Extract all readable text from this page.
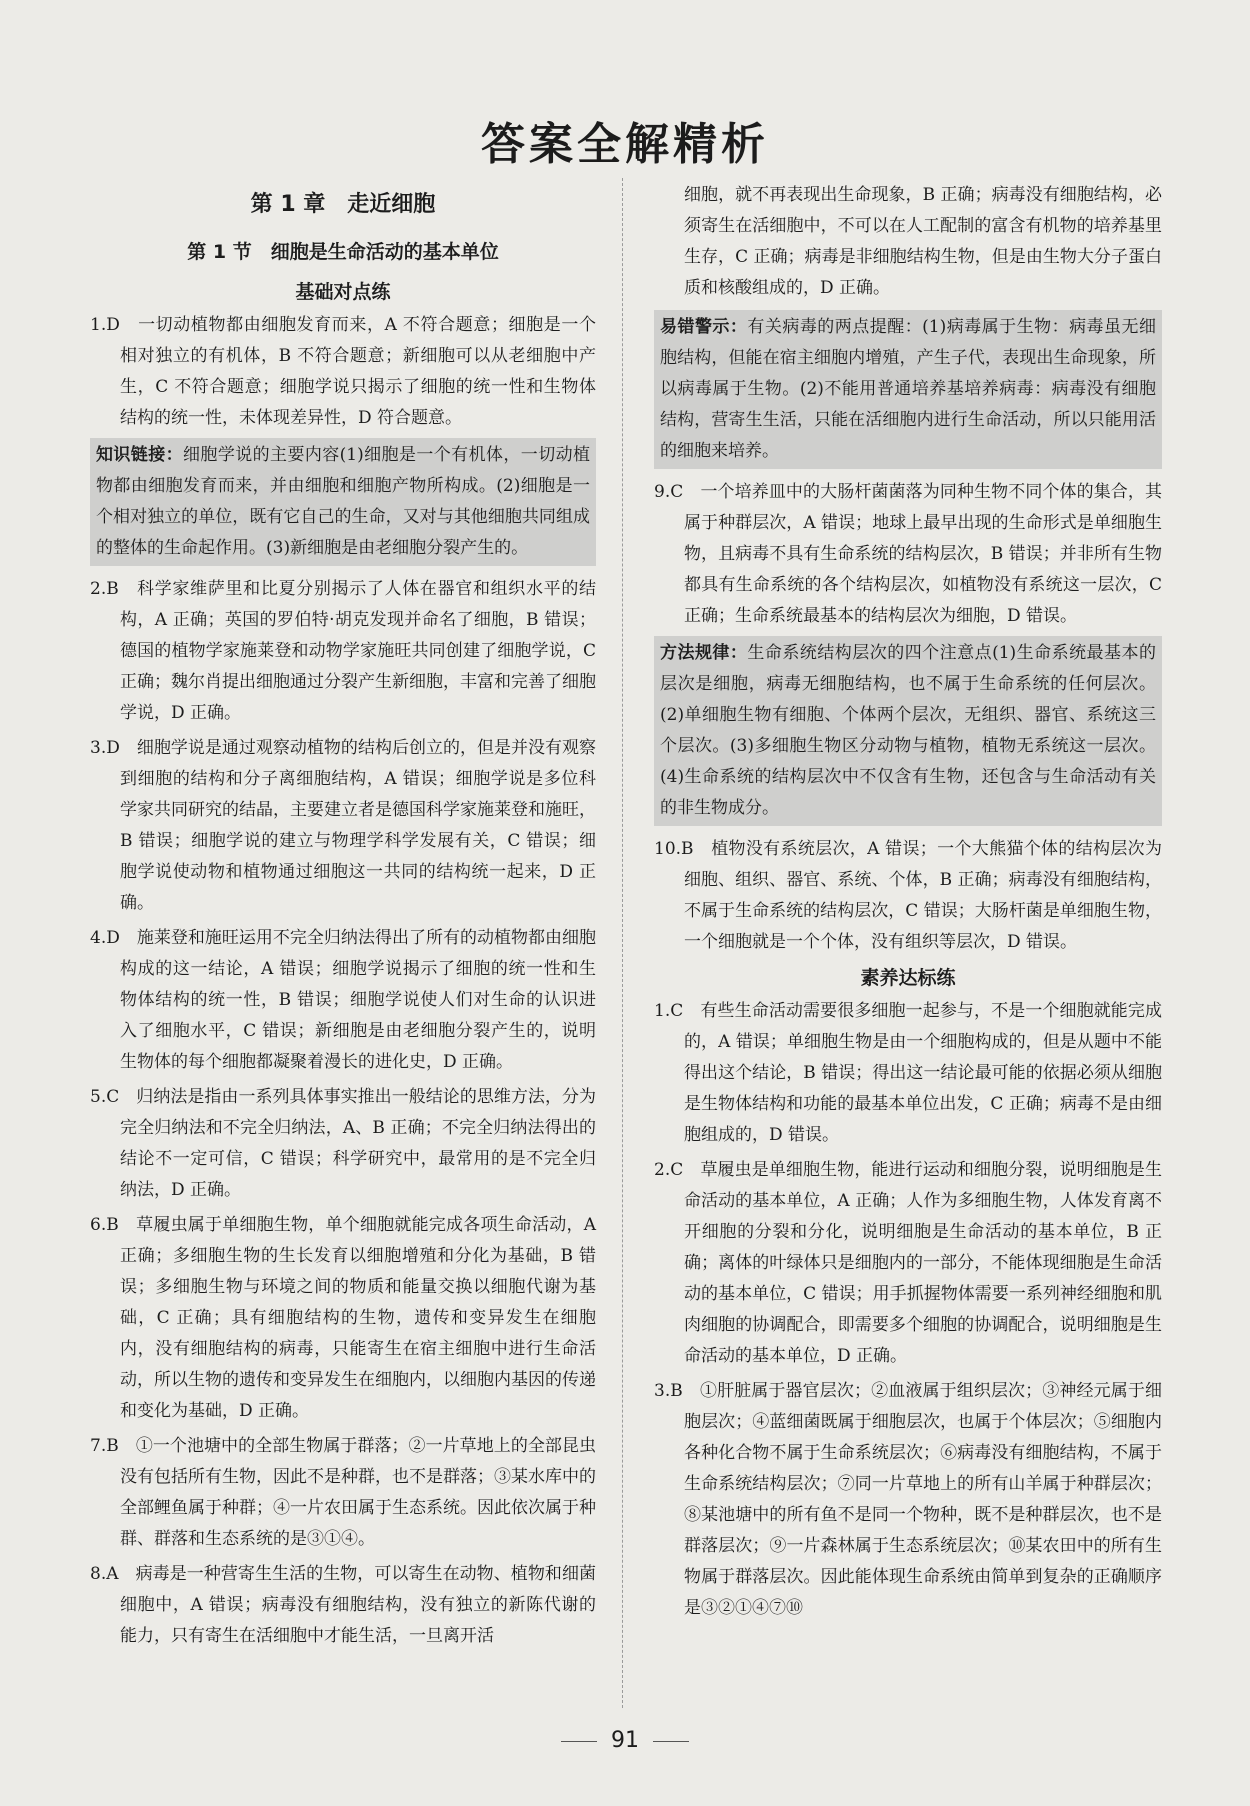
答案全解精析
第 1 章　走近细胞
第 1 节　细胞是生命活动的基本单位
基础对点练
1.D　 一切动植物都由细胞发育而来，A 不符合题意；细胞是一个相对独立的有机体，B 不符合题意；新细胞可以从老细胞中产生，C 不符合题意；细胞学说只揭示了细胞的统一性和生物体结构的统一性，未体现差异性，D 符合题意。
知识链接：细胞学说的主要内容(1)细胞是一个有机体，一切动植物都由细胞发育而来，并由细胞和细胞产物所构成。(2)细胞是一个相对独立的单位，既有它自己的生命，又对与其他细胞共同组成的整体的生命起作用。(3)新细胞是由老细胞分裂产生的。
2.B　 科学家维萨里和比夏分别揭示了人体在器官和组织水平的结构，A 正确；英国的罗伯特·胡克发现并命名了细胞，B 错误；德国的植物学家施莱登和动物学家施旺共同创建了细胞学说，C 正确；魏尔肖提出细胞通过分裂产生新细胞，丰富和完善了细胞学说，D 正确。
3.D　 细胞学说是通过观察动植物的结构后创立的，但是并没有观察到细胞的结构和分子离细胞结构，A 错误；细胞学说是多位科学家共同研究的结晶，主要建立者是德国科学家施莱登和施旺，B 错误；细胞学说的建立与物理学科学发展有关，C 错误；细胞学说使动物和植物通过细胞这一共同的结构统一起来，D 正确。
4.D　 施莱登和施旺运用不完全归纳法得出了所有的动植物都由细胞构成的这一结论，A 错误；细胞学说揭示了细胞的统一性和生物体结构的统一性，B 错误；细胞学说使人们对生命的认识进入了细胞水平，C 错误；新细胞是由老细胞分裂产生的，说明生物体的每个细胞都凝聚着漫长的进化史，D 正确。
5.C　 归纳法是指由一系列具体事实推出一般结论的思维方法，分为完全归纳法和不完全归纳法，A、B 正确；不完全归纳法得出的结论不一定可信，C 错误；科学研究中，最常用的是不完全归纳法，D 正确。
6.B　 草履虫属于单细胞生物，单个细胞就能完成各项生命活动，A 正确；多细胞生物的生长发育以细胞增殖和分化为基础，B 错误；多细胞生物与环境之间的物质和能量交换以细胞代谢为基础，C 正确；具有细胞结构的生物，遗传和变异发生在细胞内，没有细胞结构的病毒，只能寄生在宿主细胞中进行生命活动，所以生物的遗传和变异发生在细胞内，以细胞内基因的传递和变化为基础，D 正确。
7.B　 ①一个池塘中的全部生物属于群落；②一片草地上的全部昆虫没有包括所有生物，因此不是种群，也不是群落；③某水库中的全部鲤鱼属于种群；④一片农田属于生态系统。因此依次属于种群、群落和生态系统的是③①④。
8.A　 病毒是一种营寄生生活的生物，可以寄生在动物、植物和细菌细胞中，A 错误；病毒没有细胞结构，没有独立的新陈代谢的能力，只有寄生在活细胞中才能生活，一旦离开活
细胞，就不再表现出生命现象，B 正确；病毒没有细胞结构，必须寄生在活细胞中，不可以在人工配制的富含有机物的培养基里生存，C 正确；病毒是非细胞结构生物，但是由生物大分子蛋白质和核酸组成的，D 正确。
易错警示：有关病毒的两点提醒：(1)病毒属于生物：病毒虽无细胞结构，但能在宿主细胞内增殖，产生子代，表现出生命现象，所以病毒属于生物。(2)不能用普通培养基培养病毒：病毒没有细胞结构，营寄生生活，只能在活细胞内进行生命活动，所以只能用活的细胞来培养。
9.C　 一个培养皿中的大肠杆菌菌落为同种生物不同个体的集合，其属于种群层次，A 错误；地球上最早出现的生命形式是单细胞生物，且病毒不具有生命系统的结构层次，B 错误；并非所有生物都具有生命系统的各个结构层次，如植物没有系统这一层次，C 正确；生命系统最基本的结构层次为细胞，D 错误。
方法规律：生命系统结构层次的四个注意点(1)生命系统最基本的层次是细胞，病毒无细胞结构，也不属于生命系统的任何层次。(2)单细胞生物有细胞、个体两个层次，无组织、器官、系统这三个层次。(3)多细胞生物区分动物与植物，植物无系统这一层次。(4)生命系统的结构层次中不仅含有生物，还包含与生命活动有关的非生物成分。
10.B　 植物没有系统层次，A 错误；一个大熊猫个体的结构层次为细胞、组织、器官、系统、个体，B 正确；病毒没有细胞结构，不属于生命系统的结构层次，C 错误；大肠杆菌是单细胞生物，一个细胞就是一个个体，没有组织等层次，D 错误。
素养达标练
1.C　 有些生命活动需要很多细胞一起参与，不是一个细胞就能完成的，A 错误；单细胞生物是由一个细胞构成的，但是从题中不能得出这个结论，B 错误；得出这一结论最可能的依据必须从细胞是生物体结构和功能的最基本单位出发，C 正确；病毒不是由细胞组成的，D 错误。
2.C　 草履虫是单细胞生物，能进行运动和细胞分裂，说明细胞是生命活动的基本单位，A 正确；人作为多细胞生物，人体发育离不开细胞的分裂和分化，说明细胞是生命活动的基本单位，B 正确；离体的叶绿体只是细胞内的一部分，不能体现细胞是生命活动的基本单位，C 错误；用手抓握物体需要一系列神经细胞和肌肉细胞的协调配合，即需要多个细胞的协调配合，说明细胞是生命活动的基本单位，D 正确。
3.B　 ①肝脏属于器官层次；②血液属于组织层次；③神经元属于细胞层次；④蓝细菌既属于细胞层次，也属于个体层次；⑤细胞内各种化合物不属于生命系统层次；⑥病毒没有细胞结构，不属于生命系统结构层次；⑦同一片草地上的所有山羊属于种群层次；⑧某池塘中的所有鱼不是同一个物种，既不是种群层次，也不是群落层次；⑨一片森林属于生态系统层次；⑩某农田中的所有生物属于群落层次。因此能体现生命系统由简单到复杂的正确顺序是③②①④⑦⑩
91
